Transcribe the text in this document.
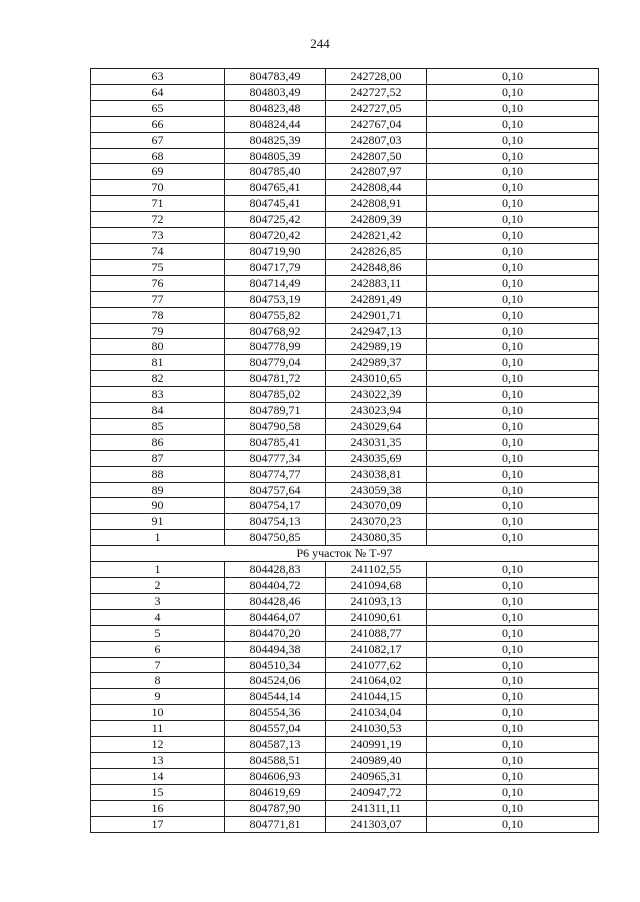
244
63	804783,49	242728,00	0,10
64	804803,49	242727,52	0,10
65	804823,48	242727,05	0,10
66	804824,44	242767,04	0,10
67	804825,39	242807,03	0,10
68	804805,39	242807,50	0,10
69	804785,40	242807,97	0,10
70	804765,41	242808,44	0,10
71	804745,41	242808,91	0,10
72	804725,42	242809,39	0,10
73	804720,42	242821,42	0,10
74	804719,90	242826,85	0,10
75	804717,79	242848,86	0,10
76	804714,49	242883,11	0,10
77	804753,19	242891,49	0,10
78	804755,82	242901,71	0,10
79	804768,92	242947,13	0,10
80	804778,99	242989,19	0,10
81	804779,04	242989,37	0,10
82	804781,72	243010,65	0,10
83	804785,02	243022,39	0,10
84	804789,71	243023,94	0,10
85	804790,58	243029,64	0,10
86	804785,41	243031,35	0,10
87	804777,34	243035,69	0,10
88	804774,77	243038,81	0,10
89	804757,64	243059,38	0,10
90	804754,17	243070,09	0,10
91	804754,13	243070,23	0,10
1	804750,85	243080,35	0,10
Р6 участок № Т-97			
1	804428,83	241102,55	0,10
2	804404,72	241094,68	0,10
3	804428,46	241093,13	0,10
4	804464,07	241090,61	0,10
5	804470,20	241088,77	0,10
6	804494,38	241082,17	0,10
7	804510,34	241077,62	0,10
8	804524,06	241064,02	0,10
9	804544,14	241044,15	0,10
10	804554,36	241034,04	0,10
11	804557,04	241030,53	0,10
12	804587,13	240991,19	0,10
13	804588,51	240989,40	0,10
14	804606,93	240965,31	0,10
15	804619,69	240947,72	0,10
16	804787,90	241311,11	0,10
17	804771,81	241303,07	0,10
